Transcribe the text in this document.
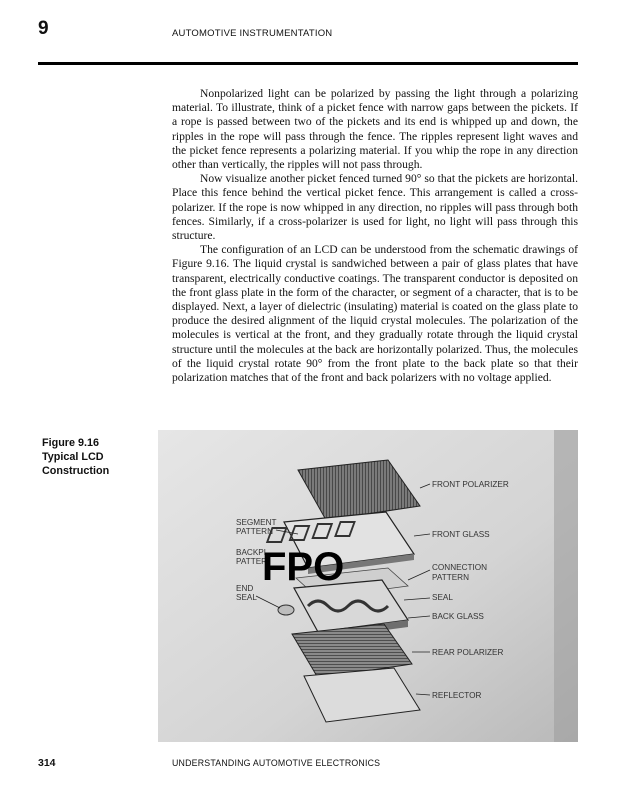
9	AUTOMOTIVE INSTRUMENTATION

Nonpolarized light can be polarized by passing the light through a polarizing material. To illustrate, think of a picket fence with narrow gaps between the pickets. If a rope is passed between two of the pickets and its end is whipped up and down, the ripples in the rope will pass through the fence. The ripples represent light waves and the picket fence represents a polarizing material. If you whip the rope in any direction other than vertically, the ripples will not pass through.

Now visualize another picket fenced turned 90° so that the pickets are horizontal. Place this fence behind the vertical picket fence. This arrangement is called a cross-polarizer. If the rope is now whipped in any direction, no ripples will pass through both fences. Similarly, if a cross-polarizer is used for light, no light will pass through this structure.

The configuration of an LCD can be understood from the schematic drawings of Figure 9.16. The liquid crystal is sandwiched between a pair of glass plates that have transparent, electrically conductive coatings. The transparent conductor is deposited on the front glass plate in the form of the character, or segment of a character, that is to be displayed. Next, a layer of dielectric (insulating) material is coated on the glass plate to produce the desired alignment of the liquid crystal molecules. The polarization of the molecules is vertical at the front, and they gradually rotate through the liquid crystal structure until the molecules at the back are horizontally polarized. Thus, the molecules of the liquid crystal rotate 90° from the front plate to the back plate so that their polarization matches that of the front and back polarizers with no voltage applied.

Figure 9.16
Typical LCD
Construction
FRONT POLARIZER
FRONT GLASS
CONNECTION
PATTERN
SEAL
BACK GLASS
REAR POLARIZER
REFLECTOR
SEGMENT
PATTERN
BACKPL
PATTER
END
SEAL
FPO
314	UNDERSTANDING AUTOMOTIVE ELECTRONICS
